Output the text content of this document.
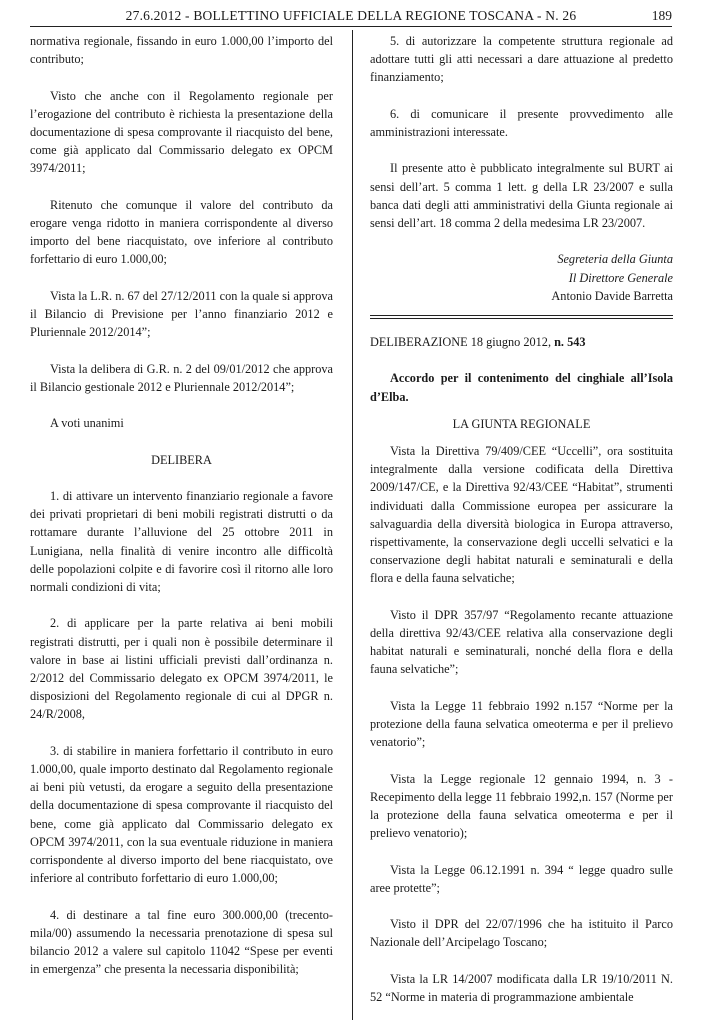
27.6.2012 - BOLLETTINO UFFICIALE DELLA REGIONE TOSCANA - N. 26	189

normativa regionale, fissando in euro 1.000,00 l’importo del contributo;

Visto che anche con il Regolamento regionale per l’erogazione del contributo è richiesta la presentazione della documentazione di spesa comprovante il riacquisto del bene, come già applicato dal Commissario delegato ex OPCM 3974/2011;

Ritenuto che comunque il valore del contributo da erogare venga ridotto in maniera corrispondente al diverso importo del bene riacquistato, ove inferiore al contributo forfettario di euro 1.000,00;

Vista la L.R. n. 67 del 27/12/2011 con la quale si approva il Bilancio di Previsione per l’anno finanziario 2012 e Pluriennale 2012/2014”;

Vista la delibera di G.R. n. 2 del 09/01/2012 che approva il Bilancio gestionale 2012 e Pluriennale 2012/2014”;

A voti unanimi

DELIBERA

1. di attivare un intervento finanziario regionale a favore dei privati proprietari di beni mobili registrati distrutti o da rottamare durante l’alluvione del 25 ottobre 2011 in Lunigiana, nella finalità di venire incontro alle difficoltà delle popolazioni colpite e di favorire così il ritorno alle loro normali condizioni di vita;

2. di applicare per la parte relativa ai beni mobili registrati distrutti, per i quali non è possibile determinare il valore in base ai listini ufficiali previsti dall’ordinanza n. 2/2012 del Commissario delegato ex OPCM 3974/2011, le disposizioni del Regolamento regionale di cui al DPGR n. 24/R/2008,

3. di stabilire in maniera forfettario il contributo in euro 1.000,00, quale importo destinato dal Regolamento regionale ai beni più vetusti, da erogare a seguito della presentazione della documentazione di spesa comprovante il riacquisto del bene, come già applicato dal Commissario delegato ex OPCM 3974/2011, con la sua eventuale riduzione in maniera corrispondente al diverso importo del bene riacquistato, ove inferiore al contributo forfettario di euro 1.000,00;

4. di destinare a tal fine euro 300.000,00 (trecento-mila/00) assumendo la necessaria prenotazione di spesa sul bilancio 2012 a valere sul capitolo 11042 “Spese per eventi in emergenza” che presenta la necessaria disponibilità;

5. di autorizzare la competente struttura regionale ad adottare tutti gli atti necessari a dare attuazione al predetto finanziamento;

6. di comunicare il presente provvedimento alle amministrazioni interessate.

Il presente atto è pubblicato integralmente sul BURT ai sensi dell’art. 5 comma 1 lett. g della LR 23/2007 e sulla banca dati degli atti amministrativi della Giunta regionale ai sensi dell’art. 18 comma 2 della medesima LR 23/2007.

Segreteria della Giunta

Il Direttore Generale

Antonio Davide Barretta

DELIBERAZIONE 18 giugno 2012, n. 543

Accordo per il contenimento del cinghiale all’Isola d’Elba.

LA GIUNTA REGIONALE

Vista la Direttiva 79/409/CEE “Uccelli”, ora sostituita integralmente dalla versione codificata della Direttiva 2009/147/CE, e la Direttiva 92/43/CEE “Habitat”, strumenti individuati dalla Commissione europea per assicurare la salvaguardia della diversità biologica in Europa attraverso, rispettivamente, la conservazione degli uccelli selvatici e la conservazione degli habitat naturali e seminaturali e della flora e della fauna selvatiche;

Visto il DPR 357/97 “Regolamento recante attuazione della direttiva 92/43/CEE relativa alla conservazione degli habitat naturali e seminaturali, nonché della flora e della fauna selvatiche”;

Vista la Legge 11 febbraio 1992 n.157 “Norme per la protezione della fauna selvatica omeoterma e per il prelievo venatorio”;

Vista la Legge regionale 12 gennaio 1994, n. 3 - Recepimento della legge 11 febbraio 1992,n. 157 (Norme per la protezione della fauna selvatica omeoterma e per il prelievo venatorio);

Vista la Legge 06.12.1991 n. 394 “ legge quadro sulle aree protette”;

Visto il DPR del 22/07/1996 che ha istituito il Parco Nazionale dell’Arcipelago Toscano;

Vista la LR 14/2007 modificata dalla LR 19/10/2011 N. 52 “Norme in materia di programmazione ambientale
